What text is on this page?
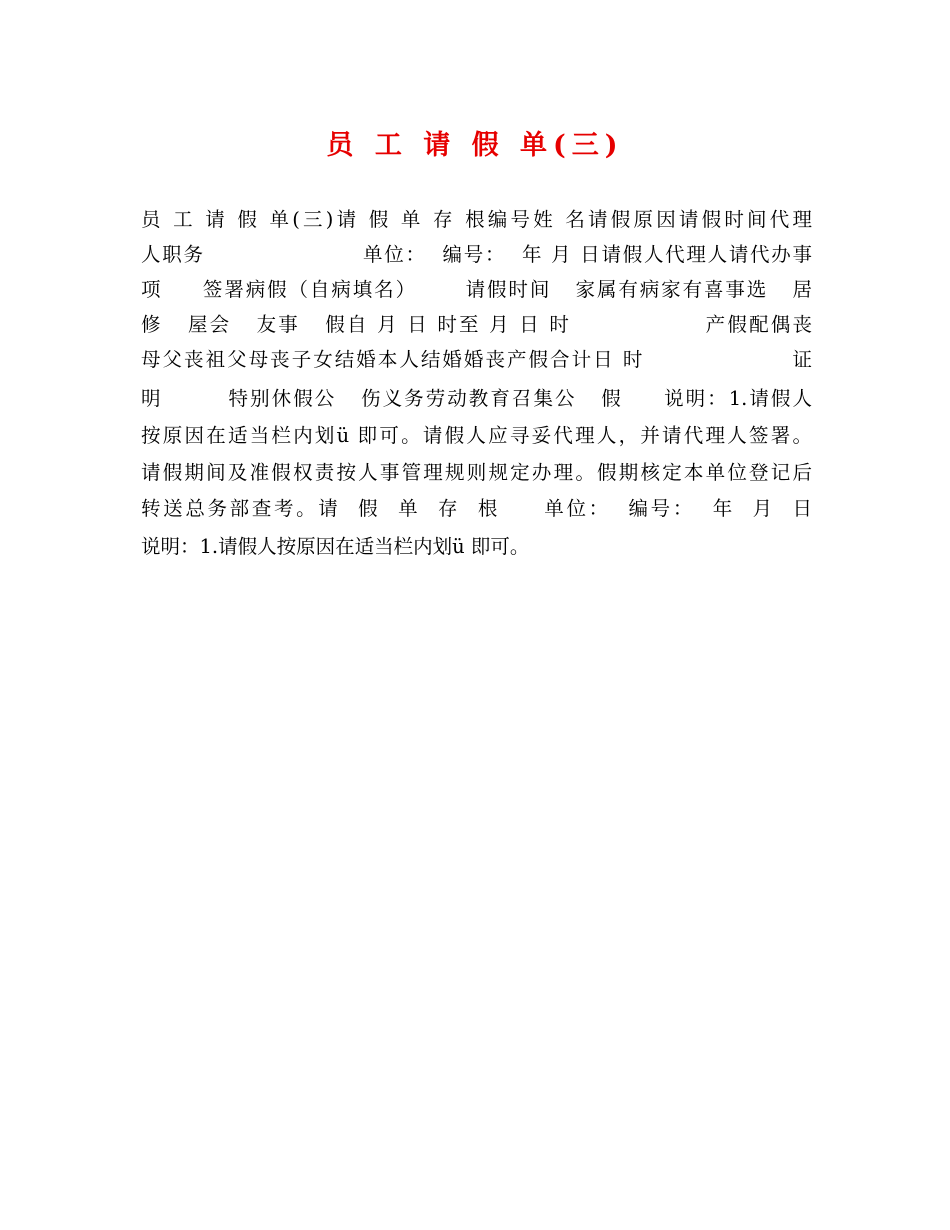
员 工 请 假 单(三)
员 工 请 假 单(三)请 假 单 存 根编号姓 名请假原因请假时间代理
人职务                    单位：  编号：  年 月 日请假人代理人请代办事
项     签署病假（自病填名）      请假时间   家属有病家有喜事选   居
修   屋会   友事   假自 月 日 时至 月 日 时                产假配偶丧
母父丧祖父母丧子女结婚本人结婚婚丧产假合计日 时                  证
明        特别休假公   伤义务劳动教育召集公   假     说明：1.请假人
按原因在适当栏内划ü 即可。请假人应寻妥代理人，并请代理人签署。
请假期间及准假权责按人事管理规则规定办理。假期核定本单位登记后
转送总务部查考。请  假  单  存  根     单位：  编号：  年  月  日
说明：1.请假人按原因在适当栏内划ü 即可。
